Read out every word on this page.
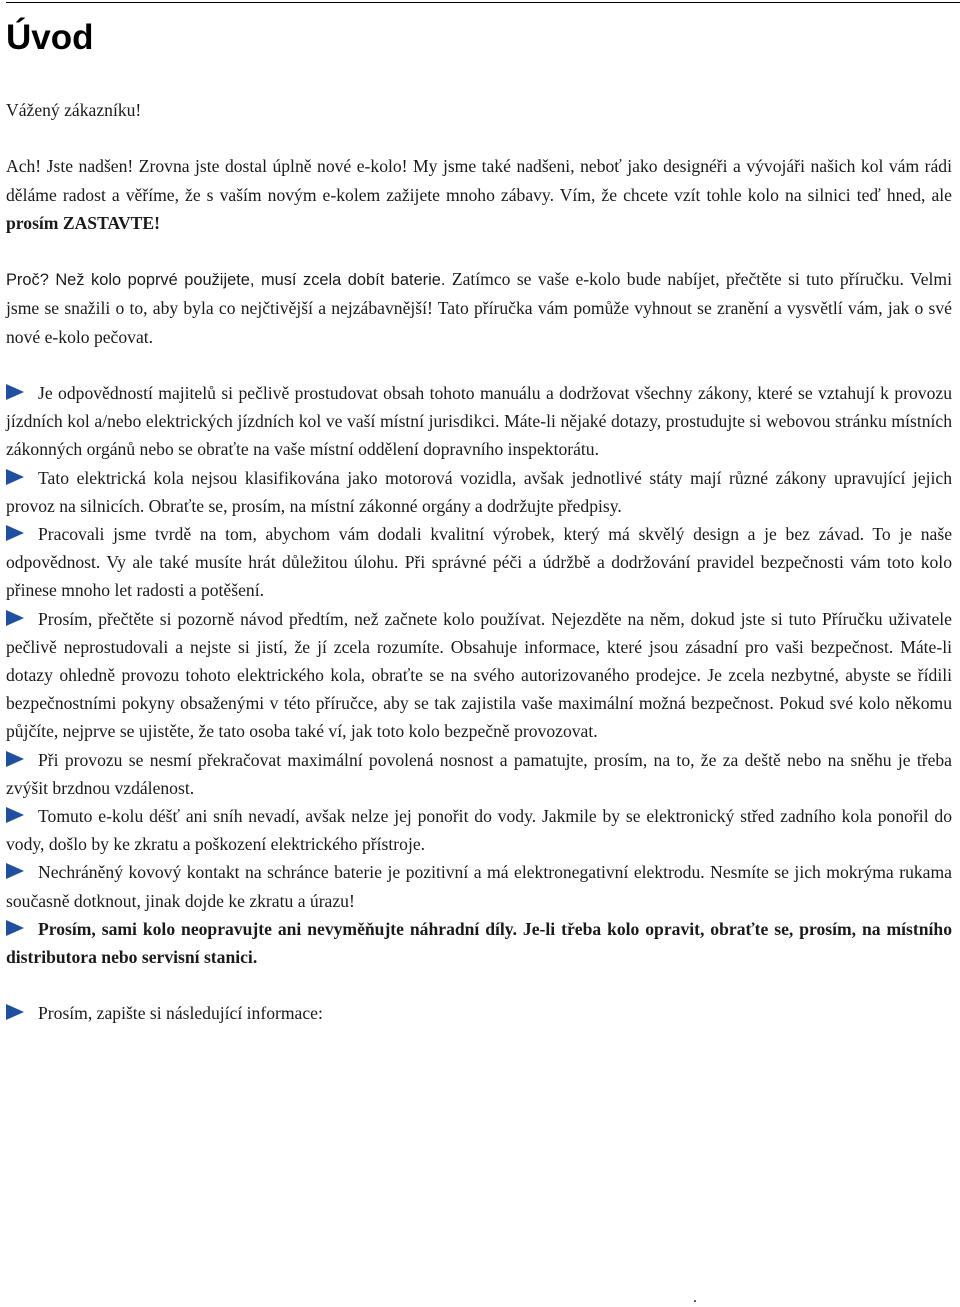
Úvod

Vážený zákazníku!

Ach! Jste nadšen! Zrovna jste dostal úplně nové e-kolo! My jsme také nadšeni, neboť jako designéři a vývojáři našich kol vám rádi děláme radost a věříme, že s vaším novým e-kolem zažijete mnoho zábavy. Vím, že chcete vzít tohle kolo na silnici teď hned, ale prosím ZASTAVTE!

Proč? Než kolo poprvé použijete, musí zcela dobít baterie. Zatímco se vaše e-kolo bude nabíjet, přečtěte si tuto příručku. Velmi jsme se snažili o to, aby byla co nejčtivější a nejzábavnější! Tato příručka vám pomůže vyhnout se zranění a vysvětlí vám, jak o své nové e-kolo pečovat.

Je odpovědností majitelů si pečlivě prostudovat obsah tohoto manuálu a dodržovat všechny zákony, které se vztahují k provozu jízdních kol a/nebo elektrických jízdních kol ve vaší místní jurisdikci. Máte-li nějaké dotazy, prostudujte si webovou stránku místních zákonných orgánů nebo se obraťte na vaše místní oddělení dopravního inspektorátu.

Tato elektrická kola nejsou klasifikována jako motorová vozidla, avšak jednotlivé státy mají různé zákony upravující jejich provoz na silnicích. Obraťte se, prosím, na místní zákonné orgány a dodržujte předpisy.

Pracovali jsme tvrdě na tom, abychom vám dodali kvalitní výrobek, který má skvělý design a je bez závad. To je naše odpovědnost. Vy ale také musíte hrát důležitou úlohu. Při správné péči a údržbě a dodržování pravidel bezpečnosti vám toto kolo přinese mnoho let radosti a potěšení.

Prosím, přečtěte si pozorně návod předtím, než začnete kolo používat. Nejezděte na něm, dokud jste si tuto Příručku uživatele pečlivě neprostudovali a nejste si jistí, že jí zcela rozumíte. Obsahuje informace, které jsou zásadní pro vaši bezpečnost. Máte-li dotazy ohledně provozu tohoto elektrického kola, obraťte se na svého autorizovaného prodejce. Je zcela nezbytné, abyste se řídili bezpečnostními pokyny obsaženými v této příručce, aby se tak zajistila vaše maximální možná bezpečnost. Pokud své kolo někomu půjčíte, nejprve se ujistěte, že tato osoba také ví, jak toto kolo bezpečně provozovat.

Při provozu se nesmí překračovat maximální povolená nosnost a pamatujte, prosím, na to, že za deště nebo na sněhu je třeba zvýšit brzdnou vzdálenost.

Tomuto e-kolu déšť ani sníh nevadí, avšak nelze jej ponořit do vody. Jakmile by se elektronický střed zadního kola ponořil do vody, došlo by ke zkratu a poškození elektrického přístroje.

Nechráněný kovový kontakt na schránce baterie je pozitivní a má elektronegativní elektrodu. Nesmíte se jich mokrýma rukama současně dotknout, jinak dojde ke zkratu a úrazu!

Prosím, sami kolo neopravujte ani nevyměňujte náhradní díly. Je-li třeba kolo opravit, obraťte se, prosím, na místního distributora nebo servisní stanici.

Prosím, zapište si následující informace:

.
